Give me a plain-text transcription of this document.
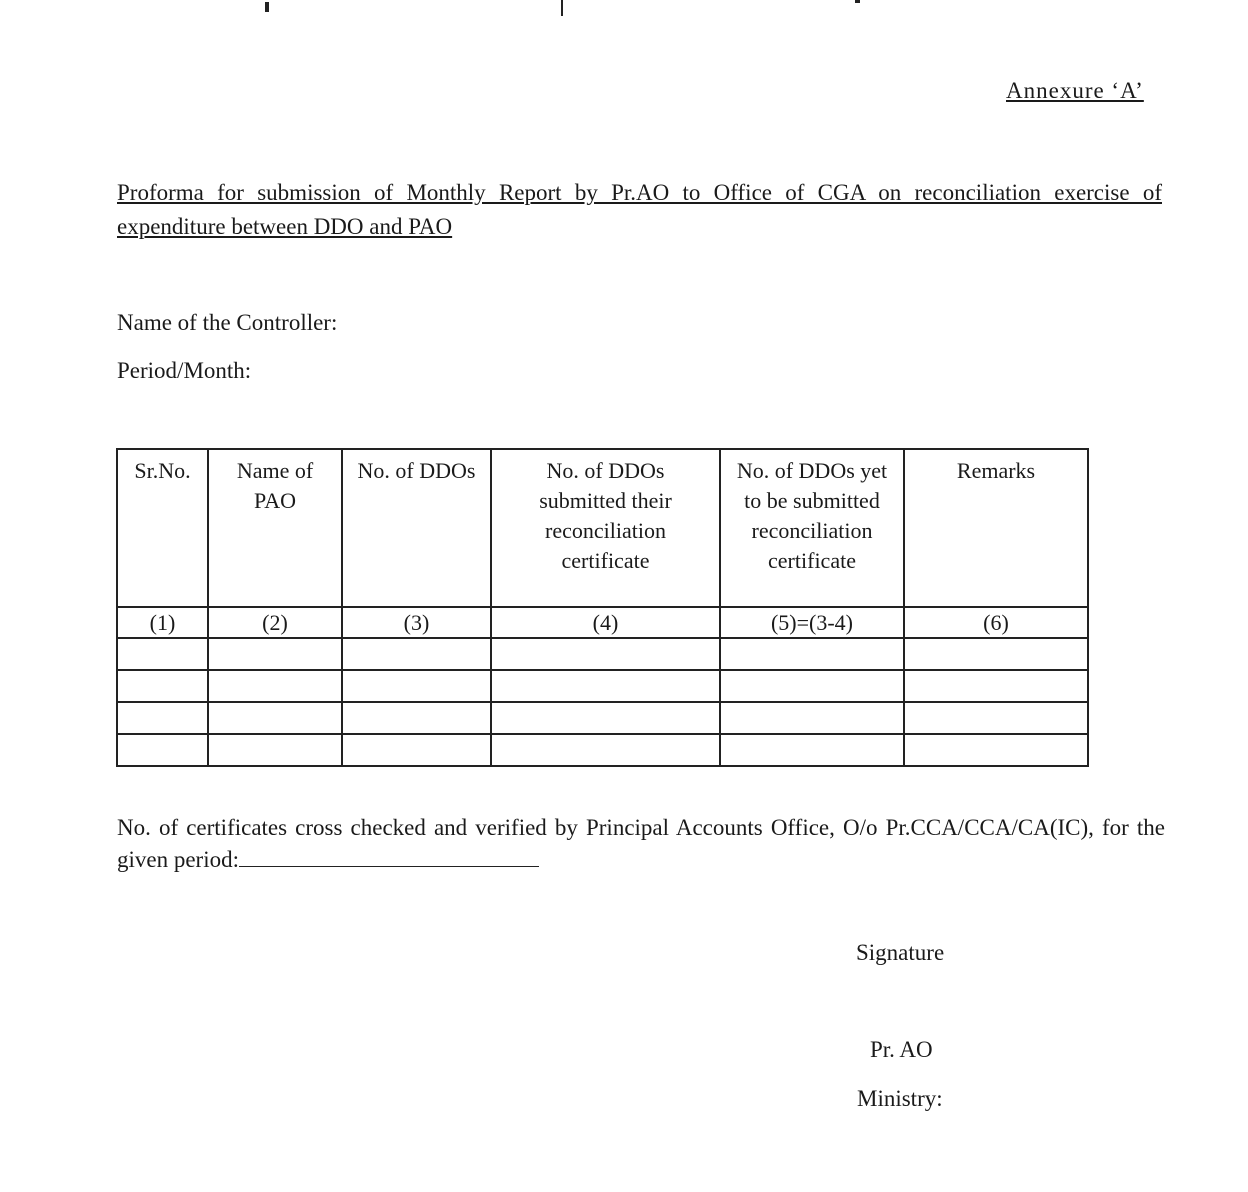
Annexure ‘A’
Proforma for submission of Monthly Report by Pr.AO to Office of CGA on reconciliation exercise of expenditure between DDO and PAO
Name of the Controller:
Period/Month:
Sr.No.	Name of PAO	No. of DDOs	No. of DDOs submitted their reconciliation certificate	No. of DDOs yet to be submitted reconciliation certificate	Remarks
(1)	(2)	(3)	(4)	(5)=(3-4)	(6)

No. of certificates cross checked and verified by Principal Accounts Office, O/o Pr.CCA/CCA/CA(IC), for the given period:
Signature
Pr. AO
Ministry:
